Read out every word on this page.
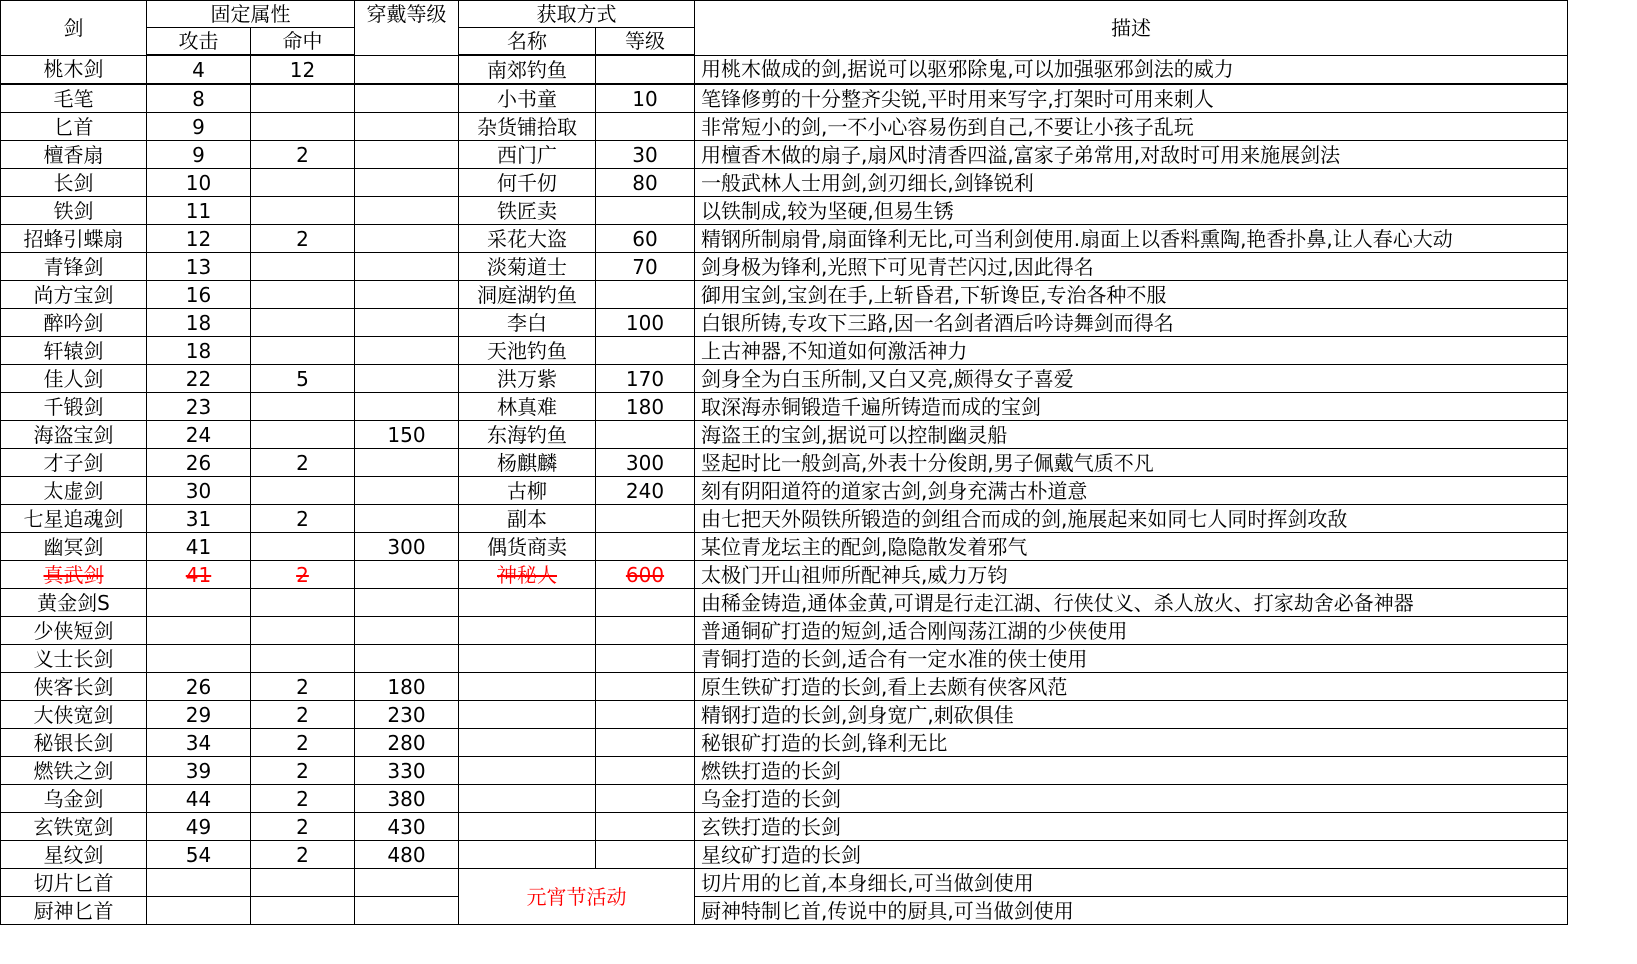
剑	固定属性		穿戴等级	获取方式		描述
	攻击	命中		名称	等级	
桃木剑	4	12		南郊钓鱼		用桃木做成的剑,据说可以驱邪除鬼,可以加强驱邪剑法的威力
毛笔	8			小书童	10	笔锋修剪的十分整齐尖锐,平时用来写字,打架时可用来刺人
匕首	9			杂货铺拾取		非常短小的剑,一不小心容易伤到自己,不要让小孩子乱玩
檀香扇	9	2		西门广	30	用檀香木做的扇子,扇风时清香四溢,富家子弟常用,对敌时可用来施展剑法
长剑	10			何千仞	80	一般武林人士用剑,剑刃细长,剑锋锐利
铁剑	11			铁匠卖		以铁制成,较为坚硬,但易生锈
招蜂引蝶扇	12	2		采花大盗	60	精钢所制扇骨,扇面锋利无比,可当利剑使用.扇面上以香料熏陶,艳香扑鼻,让人春心大动
青锋剑	13			淡菊道士	70	剑身极为锋利,光照下可见青芒闪过,因此得名
尚方宝剑	16			洞庭湖钓鱼		御用宝剑,宝剑在手,上斩昏君,下斩谗臣,专治各种不服
醉吟剑	18			李白	100	白银所铸,专攻下三路,因一名剑者酒后吟诗舞剑而得名
轩辕剑	18			天池钓鱼		上古神器,不知道如何激活神力
佳人剑	22	5		洪万紫	170	剑身全为白玉所制,又白又亮,颇得女子喜爱
千锻剑	23			林真难	180	取深海赤铜锻造千遍所铸造而成的宝剑
海盗宝剑	24		150	东海钓鱼		海盗王的宝剑,据说可以控制幽灵船
才子剑	26	2		杨麒麟	300	竖起时比一般剑高,外表十分俊朗,男子佩戴气质不凡
太虚剑	30			古柳	240	刻有阴阳道符的道家古剑,剑身充满古朴道意
七星追魂剑	31	2		副本		由七把天外陨铁所锻造的剑组合而成的剑,施展起来如同七人同时挥剑攻敌
幽冥剑	41		300	偶货商卖		某位青龙坛主的配剑,隐隐散发着邪气
真武剑	41	2		神秘人	600	太极门开山祖师所配神兵,威力万钧
黄金剑S						由稀金铸造,通体金黄,可谓是行走江湖、行侠仗义、杀人放火、打家劫舍必备神器
少侠短剑						普通铜矿打造的短剑,适合刚闯荡江湖的少侠使用
义士长剑						青铜打造的长剑,适合有一定水准的侠士使用
侠客长剑	26	2	180			原生铁矿打造的长剑,看上去颇有侠客风范
大侠宽剑	29	2	230			精钢打造的长剑,剑身宽广,刺砍俱佳
秘银长剑	34	2	280			秘银矿打造的长剑,锋利无比
燃铁之剑	39	2	330			燃铁打造的长剑
乌金剑	44	2	380			乌金打造的长剑
玄铁宽剑	49	2	430			玄铁打造的长剑
星纹剑	54	2	480			星纹矿打造的长剑
切片匕首				元宵节活动		切片用的匕首,本身细长,可当做剑使用
厨神匕首						厨神特制匕首,传说中的厨具,可当做剑使用
